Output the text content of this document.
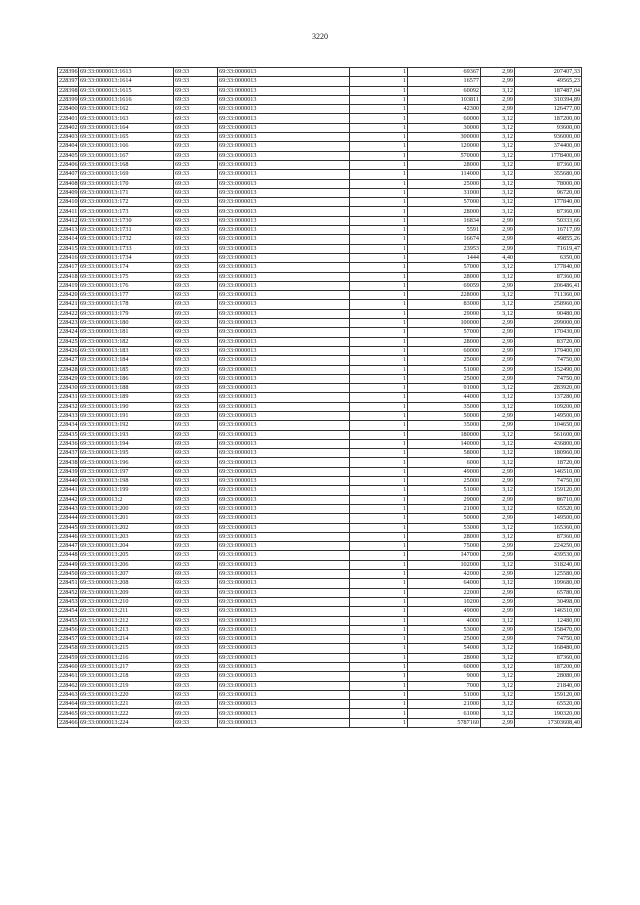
3220
228396	69:33:0000013:1613	69:33	69:33:0000013	1	69367	2,99	207407,33
228397	69:33:0000013:1614	69:33	69:33:0000013	1	16577	2,99	49565,23
228398	69:33:0000013:1615	69:33	69:33:0000013	1	60092	3,12	187487,04
228399	69:33:0000013:1616	69:33	69:33:0000013	1	103811	2,99	310394,89
228400	69:33:0000013:162	69:33	69:33:0000013	1	42300	2,99	126477,00
228401	69:33:0000013:163	69:33	69:33:0000013	1	60000	3,12	187200,00
228402	69:33:0000013:164	69:33	69:33:0000013	1	30000	3,12	93600,00
228403	69:33:0000013:165	69:33	69:33:0000013	1	300000	3,12	936000,00
228404	69:33:0000013:166	69:33	69:33:0000013	1	120000	3,12	374400,00
228405	69:33:0000013:167	69:33	69:33:0000013	1	570000	3,12	1778400,00
228406	69:33:0000013:168	69:33	69:33:0000013	1	28000	3,12	87360,00
228407	69:33:0000013:169	69:33	69:33:0000013	1	114000	3,12	355680,00
228408	69:33:0000013:170	69:33	69:33:0000013	1	25000	3,12	78000,00
228409	69:33:0000013:171	69:33	69:33:0000013	1	31000	3,12	96720,00
228410	69:33:0000013:172	69:33	69:33:0000013	1	57000	3,12	177840,00
228411	69:33:0000013:173	69:33	69:33:0000013	1	28000	3,12	87360,00
228412	69:33:0000013:1730	69:33	69:33:0000013	1	16834	2,99	50333,66
228413	69:33:0000013:1731	69:33	69:33:0000013	1	5591	2,99	16717,09
228414	69:33:0000013:1732	69:33	69:33:0000013	1	16674	2,99	49855,26
228415	69:33:0000013:1733	69:33	69:33:0000013	1	23953	2,99	71619,47
228416	69:33:0000013:1734	69:33	69:33:0000013	1	1444	4,40	6350,00
228417	69:33:0000013:174	69:33	69:33:0000013	1	57000	3,12	177840,00
228418	69:33:0000013:175	69:33	69:33:0000013	1	28000	3,12	87360,00
228419	69:33:0000013:176	69:33	69:33:0000013	1	69059	2,99	206486,41
228420	69:33:0000013:177	69:33	69:33:0000013	1	228000	3,12	711360,00
228421	69:33:0000013:178	69:33	69:33:0000013	1	83000	3,12	258960,00
228422	69:33:0000013:179	69:33	69:33:0000013	1	29000	3,12	90480,00
228423	69:33:0000013:180	69:33	69:33:0000013	1	100000	2,99	299000,00
228424	69:33:0000013:181	69:33	69:33:0000013	1	57000	2,99	170430,00
228425	69:33:0000013:182	69:33	69:33:0000013	1	28000	2,99	83720,00
228426	69:33:0000013:183	69:33	69:33:0000013	1	60000	2,99	179400,00
228427	69:33:0000013:184	69:33	69:33:0000013	1	25000	2,99	74750,00
228428	69:33:0000013:185	69:33	69:33:0000013	1	51000	2,99	152490,00
228429	69:33:0000013:186	69:33	69:33:0000013	1	25000	2,99	74750,00
228430	69:33:0000013:188	69:33	69:33:0000013	1	91000	3,12	283920,00
228431	69:33:0000013:189	69:33	69:33:0000013	1	44000	3,12	137280,00
228432	69:33:0000013:190	69:33	69:33:0000013	1	35000	3,12	109200,00
228433	69:33:0000013:191	69:33	69:33:0000013	1	50000	2,99	149500,00
228434	69:33:0000013:192	69:33	69:33:0000013	1	35000	2,99	104650,00
228435	69:33:0000013:193	69:33	69:33:0000013	1	180000	3,12	561600,00
228436	69:33:0000013:194	69:33	69:33:0000013	1	140000	3,12	436800,00
228437	69:33:0000013:195	69:33	69:33:0000013	1	58000	3,12	180960,00
228438	69:33:0000013:196	69:33	69:33:0000013	1	6000	3,12	18720,00
228439	69:33:0000013:197	69:33	69:33:0000013	1	49000	2,99	146510,00
228440	69:33:0000013:198	69:33	69:33:0000013	1	25000	2,99	74750,00
228441	69:33:0000013:199	69:33	69:33:0000013	1	51000	3,12	159120,00
228442	69:33:0000013:2	69:33	69:33:0000013	1	29000	2,99	86710,00
228443	69:33:0000013:200	69:33	69:33:0000013	1	21000	3,12	65520,00
228444	69:33:0000013:201	69:33	69:33:0000013	1	50000	2,99	149500,00
228445	69:33:0000013:202	69:33	69:33:0000013	1	53000	3,12	165360,00
228446	69:33:0000013:203	69:33	69:33:0000013	1	28000	3,12	87360,00
228447	69:33:0000013:204	69:33	69:33:0000013	1	75000	2,99	224250,00
228448	69:33:0000013:205	69:33	69:33:0000013	1	147000	2,99	439530,00
228449	69:33:0000013:206	69:33	69:33:0000013	1	102000	3,12	318240,00
228450	69:33:0000013:207	69:33	69:33:0000013	1	42000	2,99	125580,00
228451	69:33:0000013:208	69:33	69:33:0000013	1	64000	3,12	199680,00
228452	69:33:0000013:209	69:33	69:33:0000013	1	22000	2,99	65780,00
228453	69:33:0000013:210	69:33	69:33:0000013	1	10200	2,99	30498,00
228454	69:33:0000013:211	69:33	69:33:0000013	1	49000	2,99	146510,00
228455	69:33:0000013:212	69:33	69:33:0000013	1	4000	3,12	12480,00
228456	69:33:0000013:213	69:33	69:33:0000013	1	53000	2,99	158470,00
228457	69:33:0000013:214	69:33	69:33:0000013	1	25000	2,99	74750,00
228458	69:33:0000013:215	69:33	69:33:0000013	1	54000	3,12	168480,00
228459	69:33:0000013:216	69:33	69:33:0000013	1	28000	3,12	87360,00
228460	69:33:0000013:217	69:33	69:33:0000013	1	60000	3,12	187200,00
228461	69:33:0000013:218	69:33	69:33:0000013	1	9000	3,12	28080,00
228462	69:33:0000013:219	69:33	69:33:0000013	1	7000	3,12	21840,00
228463	69:33:0000013:220	69:33	69:33:0000013	1	51000	3,12	159120,00
228464	69:33:0000013:221	69:33	69:33:0000013	1	21000	3,12	65520,00
228465	69:33:0000013:222	69:33	69:33:0000013	1	61000	3,12	190320,00
228466	69:33:0000013:224	69:33	69:33:0000013	1	5787160	2,99	17303608,40
